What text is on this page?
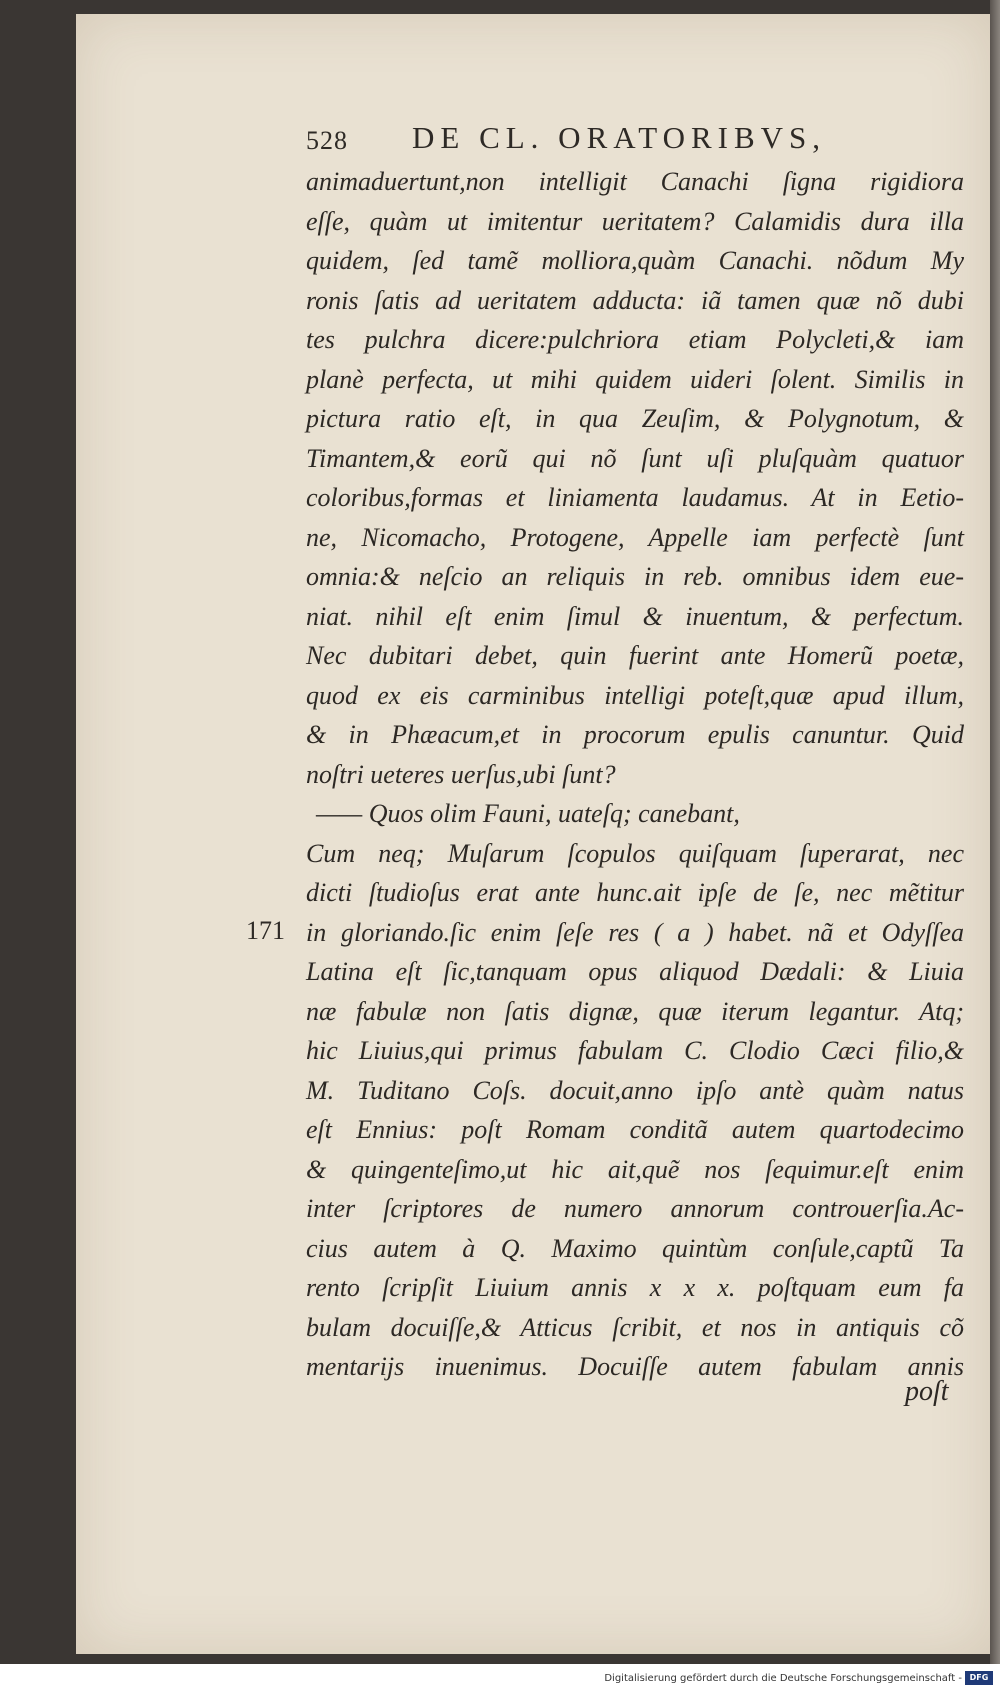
528 DE CL. ORATORIBVS,
171
animaduertunt,non intelligit Canachi ſigna rigidiora
eſſe, quàm ut imitentur ueritatem? Calamidis dura illa
quidem, ſed tamẽ molliora,quàm Canachi. nõdum My
ronis ſatis ad ueritatem adducta: iã tamen quæ nõ dubi
tes pulchra dicere:pulchriora etiam Polycleti,& iam
planè perfecta, ut mihi quidem uideri ſolent. Similis in
pictura ratio eſt, in qua Zeuſim, & Polygnotum, &
Timantem,& eorũ qui nõ ſunt uſi pluſquàm quatuor
coloribus,formas et liniamenta laudamus. At in Eetio-
ne, Nicomacho, Protogene, Appelle iam perfectè ſunt
omnia:& neſcio an reliquis in reb. omnibus idem eue-
niat. nihil eſt enim ſimul & inuentum, & perfectum.
Nec dubitari debet, quin fuerint ante Homerũ poetæ,
quod ex eis carminibus intelligi poteſt,quæ apud illum,
& in Phæacum,et in procorum epulis canuntur. Quid
noſtri ueteres uerſus,ubi ſunt?
—— Quos olim Fauni, uateſq; canebant,
Cum neq; Muſarum ſcopulos quiſquam ſuperarat, nec
dicti ſtudioſus erat ante hunc.ait ipſe de ſe, nec mẽtitur
in gloriando.ſic enim ſeſe res ( a ) habet. nã et Odyſſea
Latina eſt ſic,tanquam opus aliquod Dædali: & Liuia
næ fabulæ non ſatis dignæ, quæ iterum legantur. Atq;
hic Liuius,qui primus fabulam C. Clodio Cæci filio,&
M. Tuditano Coſs. docuit,anno ipſo antè quàm natus
eſt Ennius: poſt Romam conditã autem quartodecimo
& quingenteſimo,ut hic ait,quẽ nos ſequimur.eſt enim
inter ſcriptores de numero annorum controuerſia.Ac-
cius autem à Q. Maximo quintùm conſule,captũ Ta
rento ſcripſit Liuium annis x x x. poſtquam eum fa
bulam docuiſſe,& Atticus ſcribit, et nos in antiquis cõ
mentarijs inuenimus. Docuiſſe autem fabulam annis
poſt
Digitalisierung gefördert durch die Deutsche Forschungsgemeinschaft - DFG
